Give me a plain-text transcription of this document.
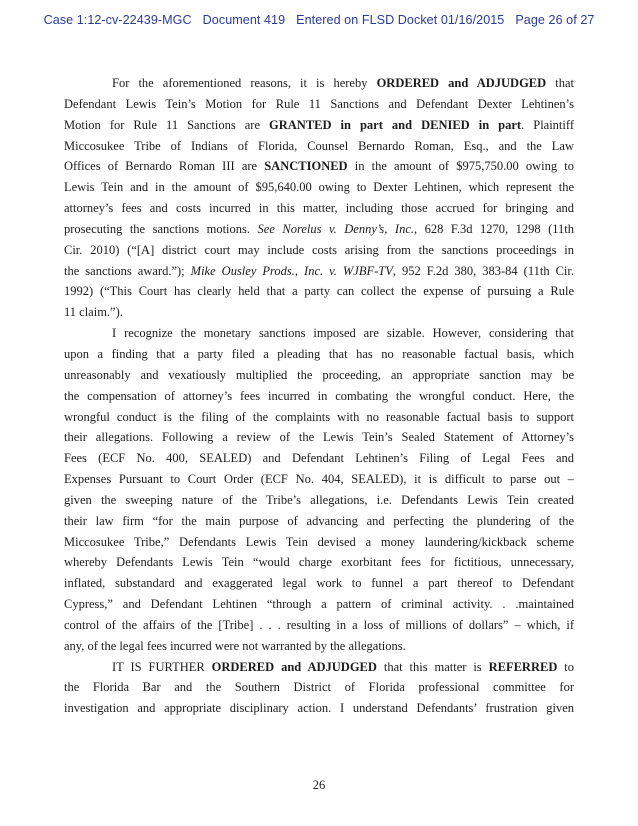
Case 1:12-cv-22439-MGC Document 419 Entered on FLSD Docket 01/16/2015 Page 26 of 27
For the aforementioned reasons, it is hereby ORDERED and ADJUDGED that
Defendant Lewis Tein’s Motion for Rule 11 Sanctions and Defendant Dexter Lehtinen’s
Motion for Rule 11 Sanctions are GRANTED in part and DENIED in part. Plaintiff
Miccosukee Tribe of Indians of Florida, Counsel Bernardo Roman, Esq., and the Law
Offices of Bernardo Roman III are SANCTIONED in the amount of $975,750.00 owing to
Lewis Tein and in the amount of $95,640.00 owing to Dexter Lehtinen, which represent the
attorney’s fees and costs incurred in this matter, including those accrued for bringing and
prosecuting the sanctions motions. See Norelus v. Denny’s, Inc., 628 F.3d 1270, 1298 (11th
Cir. 2010) (“[A] district court may include costs arising from the sanctions proceedings in
the sanctions award.”); Mike Ousley Prods., Inc. v. WJBF-TV, 952 F.2d 380, 383-84 (11th Cir.
1992) (“This Court has clearly held that a party can collect the expense of pursuing a Rule
11 claim.”).
I recognize the monetary sanctions imposed are sizable. However, considering that
upon a finding that a party filed a pleading that has no reasonable factual basis, which
unreasonably and vexatiously multiplied the proceeding, an appropriate sanction may be
the compensation of attorney’s fees incurred in combating the wrongful conduct. Here, the
wrongful conduct is the filing of the complaints with no reasonable factual basis to support
their allegations. Following a review of the Lewis Tein’s Sealed Statement of Attorney’s
Fees (ECF No. 400, SEALED) and Defendant Lehtinen’s Filing of Legal Fees and
Expenses Pursuant to Court Order (ECF No. 404, SEALED), it is difficult to parse out –
given the sweeping nature of the Tribe’s allegations, i.e. Defendants Lewis Tein created
their law firm “for the main purpose of advancing and perfecting the plundering of the
Miccosukee Tribe,” Defendants Lewis Tein devised a money laundering/kickback scheme
whereby Defendants Lewis Tein “would charge exorbitant fees for fictitious, unnecessary,
inflated, substandard and exaggerated legal work to funnel a part thereof to Defendant
Cypress,” and Defendant Lehtinen “through a pattern of criminal activity. . .maintained
control of the affairs of the [Tribe] . . . resulting in a loss of millions of dollars” – which, if
any, of the legal fees incurred were not warranted by the allegations.
IT IS FURTHER ORDERED and ADJUDGED that this matter is REFERRED to
the Florida Bar and the Southern District of Florida professional committee for
investigation and appropriate disciplinary action. I understand Defendants’ frustration given
26
